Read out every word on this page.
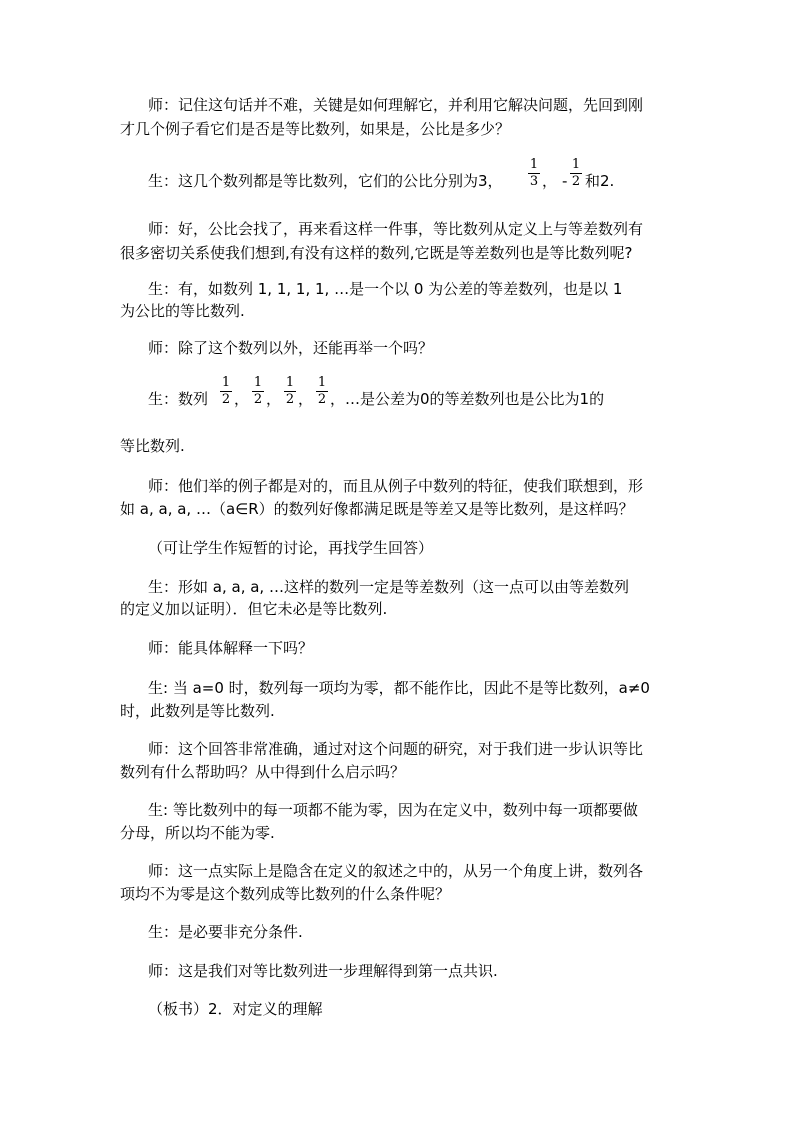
师：记住这句话并不难，关键是如何理解它，并利用它解决问题，先回到刚
才几个例子看它们是否是等比数列，如果是，公比是多少？
生：这几个数列都是等比数列，它们的公比分别为3，
1
3 ， -
1
2 和2.
师：好，公比会找了，再来看这样一件事，等比数列从定义上与等差数列有
很多密切关系使我们想到,有没有这样的数列,它既是等差数列也是等比数列呢?
生：有，如数列 1, 1, 1, 1, …是一个以 0 为公差的等差数列，也是以 1
为公比的等比数列.
师：除了这个数列以外，还能再举一个吗？
生：数列
1
2 ，
1
2 ，
1
2 ，
1
2 ，…是公差为0的等差数列也是公比为1的
等比数列.
师：他们举的例子都是对的，而且从例子中数列的特征，使我们联想到，形
如 a, a, a, …（a∈R）的数列好像都满足既是等差又是等比数列，是这样吗？
（可让学生作短暂的讨论，再找学生回答）
生：形如 a, a, a, …这样的数列一定是等差数列（这一点可以由等差数列
的定义加以证明）．但它未必是等比数列.
师：能具体解释一下吗？
生: 当 a=0 时，数列每一项均为零，都不能作比，因此不是等比数列，a≠0
时，此数列是等比数列.
师：这个回答非常准确，通过对这个问题的研究，对于我们进一步认识等比
数列有什么帮助吗？从中得到什么启示吗？
生: 等比数列中的每一项都不能为零，因为在定义中，数列中每一项都要做
分母，所以均不能为零.
师：这一点实际上是隐含在定义的叙述之中的，从另一个角度上讲，数列各
项均不为零是这个数列成等比数列的什么条件呢？
生：是必要非充分条件.
师：这是我们对等比数列进一步理解得到第一点共识.
（板书）2．对定义的理解
